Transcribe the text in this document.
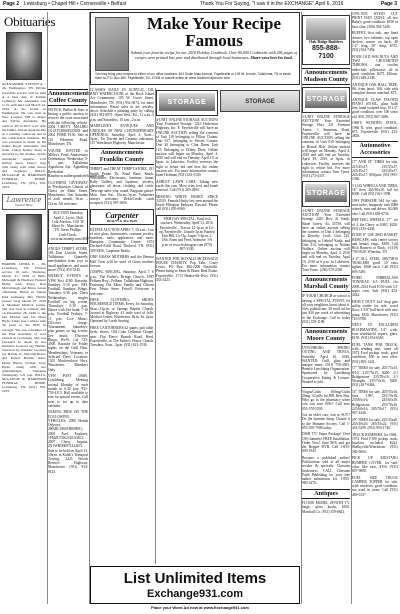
Page 2 Lewisburg • Chapel Hill • Cornersville • Belfast	Thank You For Saying, "I saw it in the EXCHANGE" April 6, 2016	Page 3
Obituaries

ALEXANDER, STEVEN A. – 46, Farmington, TN. Private graveside service will be held at a later date in Temple Cemetery. Mr. Alexander was to be with his Lord March 24, 2016 at his home in Farmington. He was born in New London, NH to Roger and Sylvia Alexander. He came to TN in 2017 to be with his family. Steven spent his life as a printing contractor and in the construction business. He was preceded in death by his father, Roger Alexander, and sister, Cheryl Kelley. Steve is survived by his mother, Sylvia Alexander; nephew, Carl Kelley; niece, Janice; long with along with other nieces and nephews. BILLS-McGAUGH & HARDISON FUNERAL HOME, Lewisburg, TN. (931) 359-2233.

Lawrence
Funeral Home

HARBIN, LINDA F. – 69, Lewisburg, TN. Funeral service 10 a.m., Thursday, March 31, 2016 at Bills-McGaugh & Hardison Funeral Home with Pastor Ron McCullough and Bruce Green officiating. Burial in Sunset Park Cemetery. Mrs. Harbin passed away March 27, 2016 at Marshall Medical Center. She was born in Clinton, Ind. on December 28, 1946 to the late Marion and Ida Hoag Hyde. Linda was a retiree with 30 years at the DOT in Georgia. She was a member of the First Assembly of God Church in Lewisburg. She was preceded in death by her husband, Leonard Jay Harbin. Survived by children; Leonard Jay Harbin, Jr., Deborah Boles, and Robert Harbin; sister, Diane Harris; brother, Jerry Hyde; along with her grandchildren. Visitation Wednesday 5-8 p.m. BILLS-McGAUGH & HARDISON FUNERAL HOME, Lewisburg, TN. (931) 359-2233.

Announcements Coffee County

NOTICE, Ballou & Sons is having a public auction to recover the costs associated with the following vehicle: 2004 CHEVY MALIBU 1G1ZT52884F223845 and 2002 FORD F150. Sale at 141 Volunteer Road, Manchester, TN.

YOU'RE INVITED to Miller's Pond Anniversary Celebration. Wednesday 5-8 pm, Tullahoma Appaloosa Apt. Appealing Borderline Bandwww.millerspondcelebration.com

CLOTHING GIVEAWAY at Presbyterian Church of Christ on Main Street, Manchester, first Saturday of each month, 9a.m. – 11a.m. All welcome.

AUCTION Saturday, April 2, 2 p.m., Hall Coal Auction, 1101 W. Shore St., Manchester, TN. Steve Phillips. Cash/Check. www.auctionzip.com/4817

ANGUS THRIFT STORE, 184 East Lincoln Street, Tullahoma. Quarterly merchandise from toys to small appliances, and much more! (931) 455-5345.

WEEKLY EVENTS at VFW Post 4180. Karaoke, Sundays, 5-10 p.m.; NFL Football, Sundays; Bingo, Tuesdays 6:30 p.m. Darts Wednesdays; singles Football on big screen. Thursdays, 5:30 p.m. Dance with live band; 7-10 p.m., Football Fridays, 7-11 p.m. Live Music; DJ/cover charge. Tournament Saturdays; plus games on big screen; live music. Discover Bingo; Wi-Fi; Cal 723-4500. Karaoke for Friday nights on the Grill Heat. Memberships; Veterans; or Selected Days; Location: 1301 Murfreesboro Hwy. Winchester. Members Only.

VFW POST 10049, Lynchburg. Meeting second Monday of each month at 6:30 p.m. 931-759-4113. Hall available to rent for special events. Call now to set up to date calendar.

TAKING BIDS ON THE FOLLOWING VEHICLES: 2000 Honda Odyssey, 2HKRL18601H000091; 2003 Ford Explorer, 1FMZU72K23UC63611; 2007 Chevy Impala, 2G1WB58K971224672. Sale to be held on April 13, 10a.m. at Kaleb's Transport Towing, 2225 Woods Reserve Highway, Manchester. (931) 954-8123

Make Your Recipe Famous
Submit your favorite recipe for our 2016 Holiday Cookbook. Over 80,000 Cookbooks with 296 pages of recipes were printed last year and distributed through local businesses. Share your love for food.
You may bring your recipes to either of our office locations: 404 South Main Avenue, Fayetteville or 109 W. Lincoln, Tullahoma, TN or email them to: P.O. Box 690, Fayetteville, TN. 37334 or submit online at: www.Southern-kprecom.com

CLASSES DAILY IN ACRYLIC, OIL AND WATERCOLOR at the Rock Island Art Community, 105 W. Grove Street, Manchester, TN. (931) 952-3874, for more information. Retail sales in art, jewelry, decor. Schedule a painting party by calling (931) 952-8971. Open Wed.–Fri., 11 a.m.–5 p.m. and Saturdays, 10 a.m.–2 p.m.

MADELINE'S ANTIQUES AND UNIQUES OF NEW CONTEMPORARY OPENINGS, Saturday, April 2, 9a.m.–5p.m., Tai Ten-dai and Ceramic education, 147 Warehouse Highway, Manchester.

Announcements Franklin County

THRIFT and TREAT THRIFT STORE, 291 Smith Pointe Dr, Road Barn, Smith, Winchester. Electronics, furniture, home, Rally Gallery, and furniture, jewelry, glassware, all decor, clothing, and crafts. Teen-age sales year round. Bargains galore. Mon. thru Sat., 10a.m.–5p.m. Volunteers always welcome. Debit/Credit cards accepted. (931) 967-3006.

Carpenter
REALTY & AUCTION

ESTATE AUCTION APRIL 7, 10 a.m., Lots of nice glass, housewares, costume jewelry, furniture, tools, appliances, and more. Hampton Community Center, 1674 Decherd-Estill Road, Decherd, TN. (931) 309-8456, Carpenter Realty.

ONE GRASS MOTHERS and the Benson Hall Trust will be used of Grass mothers forever.

GOSPEL SINGING, Saturday, April 7, 6 p.m., The Father's Refuge Church, 1997 Pelham Hwy., Pelham, Tullahoma Highway. Featuring The Ekers Family and Chosen Few. Pastor Steve Powell. Everyone is welcome.

FREE CLOTHING, SHOES, HOUSEHOLD ITEMS, Every 1st Saturday, 8a.m.–12p.m. at Springs Baptist Church, located at Highway 41, mile west of Jeffs' Medical Center, Winchester. 8a.m. 8a. 2p.m. Operated by Lorah Sewing.

FREE CANTORNERS 42 quarts, pair table, fresh, sheets, Old Coke Cellemar Chapel, near. Flat Pierce Branch Road, Herd, Fayetteville, at The Father's House Church, Tuesdays, 9a.m.–3p.m. (931) 621-1536.

STORAGE

4-UNIT ONLINE STORAGE AUCTION! Your Extended Storage, 1215 Hickerson Highway, Inc. F. Fayetteville will have an ONLINE AUCTION selling the contents of Unit 118 belonging to Pillow Claims; Unit 017, belonging to Steven Cornea; Unit 30 belonging to Clint Dunn; Unit 125, Belonging to Tiffany Dietz. Online auction will begin on Monday, April 4, 2016 and will end on Tuesday, April 19, at 6p.m. in Lakeview. Facility reserves the right to refuse bid and host the online auction site. For more information contact Janet Hoffman (931) 433-5100.

ASHLEY LAWN CARE. Taking new yards this year. Mow, trim, leaf, and brush removal. Call (931) 205-4965.

MISSING WHITE HUSKY SINCE 3/2015. Female Husky last seen around the North Ellington Parkway. Reward. Please call (931) 205-6960.

FISH DAY SPECIAL: Pond fish stockers. Wednesday, April 13, 2016. Fayetteville – Tractor 12-1p.m. at Co-op, Fayetteville. 12noon-1p.m. Barnett Fish Hill, Co-Op, Jasper 3-4p.m. 2, 18ft. Farm and Feed, Ardmore. 5-6 p.m. at www.fishwagon.com (870) 887-3330.

WANTED FOR ROYALD MCDONALD HOUSE CHARITY. Pop Tabs. Cristy Lewis, PO Box, 406-2200 Nashville. Please bring to Farm & Home Real Estate, Fayetteville. 1713 Huntsville Hwy. (931) 433-3223.

Oak Ridge Builders
855-888-7100
Announcements Madison County
STORAGE

5-UNIT ONLINE STORAGE AUCTION! Your Extended Storage Hwy 231 Fremont Annex, 1 Simmons Road, Fayetteville will have an ONLINE AUCTION selling the contents of Unit 016 belonging to Brandi Holt. Online auction will begin on Monday, April 4, 2016 and will end on Tuesday, April 19, 2016 at 6p.m. in Lakeview. Facility reserves the right to refuse bid. For more information contact Tom Tynes. (931) 273-4337.

STORAGE

3-UNIT ONLINE STORAGE AUCTION! Your Extended Storage, 2410 Hwy 41 South, Hazel Green, AL 35750, will have an online auction selling the contents of Unit 2 belonging to Dorothy Cecil; Unit 125, belonging to Gabriel Keith; and Unit 213, belonging to Nathan Wallace. Online auction will begin on Monday, April 4, 2016 and will end on Tuesday, April 19, 2016 at 6 p.m. in Lakeview. For more information contact Tom Tynes. (256) 570-2338.

Announcements Marshall County

IF YOUR CHURCH or school is having a SPECIAL EVENT, let all your neighbors know about it. Now publish any 30 word ad for just $10 per week of advertising in the Exchange. Call to today (931) 359-1188.

Announcements Moore County

LYNCHBURG SPRING OUTING AND TRIVIA, Saturday, April 16, 2016, WANTED: Grill, glass and antique items. (931) 759-4563. Benefit Lynchburg Organization. Sponsored by Lynchburg Cooperative Eating & Leisure. Wanted to join.

Viagra/Cialis 100mg/Cialis 20mg. 52 pills for $99. Best Buy. Why go to the pharmacy when you can save 60%? Call now 855-370-5593.

Got an older cars, van or SUV? Do the humane thing. Donate it to the Humane Society. Call 1-855-558-7008 today.

DISH TV! Super Package! Over 190 channels! FREE Installation. Order Now! Save 80% and get the Hopper DVR. Call 1-855-839-1945.

Become a published author! Publications sold at all major secular & specialty Christian bookstores. CALL Christian Faith Publishing for your free author submission kit. 1-855-980-3476.

Antiques

FLOOR MODEL ZENITH TV, beige, glass knobs, $100. Marshall Co. (931) 359-8823.

1976-1955 WOOD CUT PRINT DAN QUIST, all few Babe's, good condition. $100 or best offer. (306) 394-7446.

BUFFET, first oak, one lined drawer, two cabinets, top open shelves, mirror on back, 48 1/2" long, 20" deep, $375. (931) 924-7494.

FOUR OLD WALNUTS AND TWO CROCHETED THROWS, one crochet tablecloth, pillowcase, all in good condition. $275. Ellison. (931) 648-2348.

ANTIQUE OAK HALL TREE, 8ft. from hood, 18ft. side with complete dresser attached. $75.

ANTIQUE CLAW FOOTED PIANO STOOL, glass balls feet, hand sculpted seat, 10 1/2" good condition, over 100 years old. $50. (931) 967-3286.

1960'S WOODEN STOOL, 1966 N. wire, good condition, $75. Fayetteville (931) 433-4826.

Automotive Accessories

17" AND 18" TIRES for sale, 215/45x17, 215/55x17, 225/45x17, 235/45x17, 245/45x17. $50/pair. (931) 993-1366.

3 LOG WHEELS AND TIRES, 18" tires, 265/65x18, full for $300. Call (931) 561-1998.

1981 PORSCHE 944 for sale, runs turbo, burgundy with BBS wheels, runs and drives. $2,000 obo. Call (931) 438-9734.

HEP HAG WHEELS, 17", set of 4, fits Chevy or GMC. $250. (931) 433-4436.

FOUR 8" GM 4WD BASKET HUBCAPS, with center screws and beauty rings. $300. Call Rick Romero or Buck, 1-(319) 758-0528. Wheelon, TN.

4 4" ALL STEEL 285/75R16 TRAILERS good 10 ratio tighter, $500 each. Call (931) 693-5281.

FORD FIBREGLASS TONNEAU 6.5 FUEL fits 2009–2014 Ford F150 with 5.5' super crew. Sale (931) 454-4442.

HEAVY DUTY 4x4' drop gate utility trailer for sale, wood floor, 1 5/8" ball hitch with new jump. $350. Manchester. (931) 723-0786.

NEXT TO EXCLUDED ROADMASTER, 1/4" wide, four windshield wipers, glass, $150. (931) 454-6565.

FUEL TANK FOR TRUCK, with sending unit, came off 1973 Ford pickup truck, good condition, $50 or best offer. (931) 805-1441.

17" TIRES for sale, 205/75x15, 8/10, 215/75x15, $200. 2/1 Bridgestone 235/70x16, 2/1 Wrangler 255/70x16, $200. (931) 467-0484.

16" TIRES for sale, 205/55x16, tires 1987, 235/70x16, 235/65x16, 245/65x16. Bridgestone, 255/70x16, 225/60x16, 265/70x17. (931) 967-4346.

20" TIRES for sale, 225/35x20, 245/40x20, 265/35x22. (931) 454-5299. (931) 993-1746.

TRUCK BUMPERS, for 1968–1972 Ford F100 pickup truck, brackets included. $224. Shelbyville/Winchester (931) 580-5066.

PICK UP MUSTANG BUMPER COVER, for sale, color like new, $150. (931) 607-9088.

FUEL SIZE TRUCK CAMPER TOPPER for sale, with windows, good condition, not used in years. Call (931) 469-0137.

STORAGE
List Unlimited Items
Exchange931.com
Place your Word Ad now at www.Exchange931.com
